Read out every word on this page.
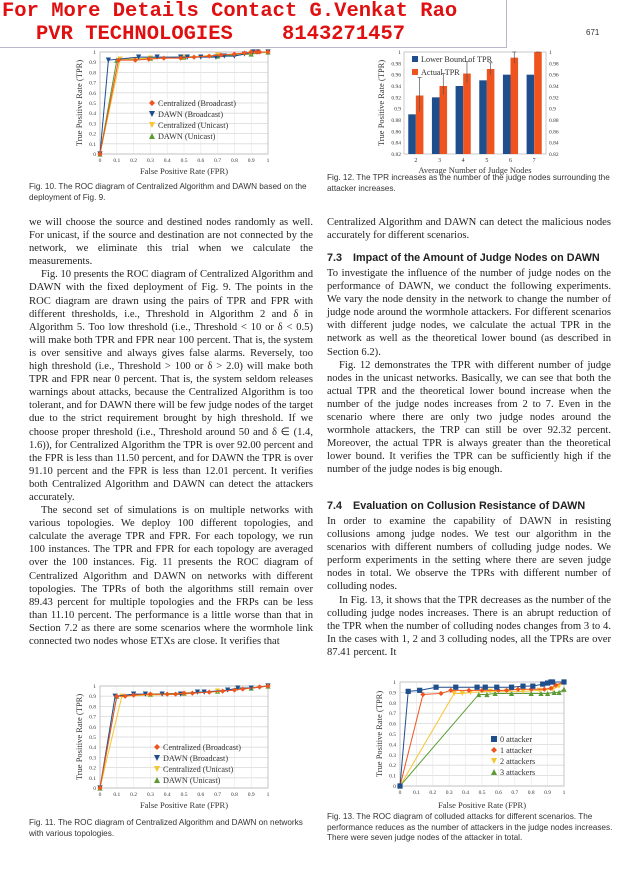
For More Details Contact G.Venkat Rao
PVR TECHNOLOGIES    8143271457	671
0
0.1
0.2
0.3
0.4
0.5
0.6
0.7
0.8
0.9
1
0 0.1 0.2 0.3 0.4 0.5 0.6 0.7 0.8 0.9 1
False Positive Rate (FPR)
True Positive Rate (TPR)	Centralized (Broadcast)
DAWN (Broadcast)
Centralized (Unicast)
DAWN (Unicast)
Fig. 10. The ROC diagram of Centralized Algorithm and DAWN based on the deployment of Fig. 9.
0.82	0.82
0.84	0.84
0.86	0.86
0.88	0.88
0.9	0.9
0.92	0.92
0.94	0.94
0.96	0.96
0.98	0.98
1	1
2	3	4	5	6	7
Average Number of Judge Nodes
True Positive Rate (TPR)
Lower Bound of TPR
Actual TPR
Fig. 12. The TPR increases as the number of the judge nodes surrounding the attacker increases.

we will choose the source and destined nodes randomly as well. For unicast, if the source and destination are not connected by the network, we eliminate this trial when we calculate the measurements.

Fig. 10 presents the ROC diagram of Centralized Algorithm and DAWN with the fixed deployment of Fig. 9. The points in the ROC diagram are drawn using the pairs of TPR and FPR with different thresholds, i.e., Threshold in Algorithm 2 and δ in Algorithm 5. Too low threshold (i.e., Threshold < 10 or δ < 0.5) will make both TPR and FPR near 100 percent. That is, the system is over sensitive and always gives false alarms. Reversely, too high threshold (i.e., Threshold > 100 or δ > 2.0) will make both TPR and FPR near 0 percent. That is, the system seldom releases warnings about attacks, because the Centralized Algorithm is too tolerant, and for DAWN there will be few judge nodes of the target due to the strict requirement brought by high threshold. If we choose proper threshold (i.e., Threshold around 50 and δ ∈ (1.4, 1.6)), for Centralized Algorithm the TPR is over 92.00 percent and the FPR is less than 11.50 percent, and for DAWN the TPR is over 91.10 percent and the FPR is less than 12.01 percent. It verifies both Centralized Algorithm and DAWN can detect the attackers accurately.

The second set of simulations is on multiple networks with various topologies. We deploy 100 different topologies, and calculate the average TPR and FPR. For each topology, we run 100 instances. The TPR and FPR for each topology are averaged over the 100 instances. Fig. 11 presents the ROC diagram of Centralized Algorithm and DAWN on networks with different topologies. The TPRs of both the algorithms still remain over 89.43 percent for multiple topologies and the FRPs can be less than 11.10 percent. The performance is a little worse than that in Section 7.2 as there are some scenarios where the wormhole link connected two nodes whose ETXs are close. It verifies that

Centralized Algorithm and DAWN can detect the malicious nodes accurately for different scenarios.

7.3 Impact of the Amount of Judge Nodes on DAWN

To investigate the influence of the number of judge nodes on the performance of DAWN, we conduct the following experiments. We vary the node density in the network to change the number of judge node around the wormhole attackers. For different scenarios with different judge nodes, we calculate the actual TPR in the network as well as the theoretical lower bound (as described in Section 6.2).

Fig. 12 demonstrates the TPR with different number of judge nodes in the unicast networks. Basically, we can see that both the actual TPR and the theoretical lower bound increase when the number of the judge nodes increases from 2 to 7. Even in the scenario where there are only two judge nodes around the wormhole attackers, the TRP can still be over 92.32 percent. Moreover, the actual TPR is always greater than the theoretical lower bound. It verifies the TPR can be sufficiently high if the number of the judge nodes is big enough.

7.4 Evaluation on Collusion Resistance of DAWN

In order to examine the capability of DAWN in resisting collusions among judge nodes. We test our algorithm in the scenarios with different numbers of colluding judge nodes. We perform experiments in the setting where there are seven judge nodes in total. We observe the TPRs with different number of colluding nodes.

In Fig. 13, it shows that the TPR decreases as the number of the colluding judge nodes increases. There is an abrupt reduction of the TPR when the number of colluding nodes changes from 3 to 4. In the cases with 1, 2 and 3 colluding nodes, all the TPRs are over 87.41 percent. It

0
0.1
0.2
0.3
0.4
0.5
0.6
0.7
0.8
0.9
1
0 0.1 0.2 0.3 0.4 0.5 0.6 0.7 0.8 0.9 1
False Positive Rate (FPR)
True Positive Rate (TPR)	Centralized (Broadcast)
DAWN (Broadcast)
Centralized (Unicast)
DAWN (Unicast)
Fig. 11. The ROC diagram of Centralized Algorithm and DAWN on networks with various topologies.
0
0.1
0.2
0.3
0.4
0.5
0.6
0.7
0.8
0.9
1
0 0.1 0.2 0.3 0.4 0.5 0.6 0.7 0.8 0.9 1
False Positive Rate (FPR)
True Positive Rate (TPR)	0 attacker
1 attacker
2 attackers
3 attackers
Fig. 13. The ROC diagram of colluded attacks for different scenarios. The performance reduces as the number of attackers in the judge nodes increases. There were seven judge nodes of the attacker in total.
